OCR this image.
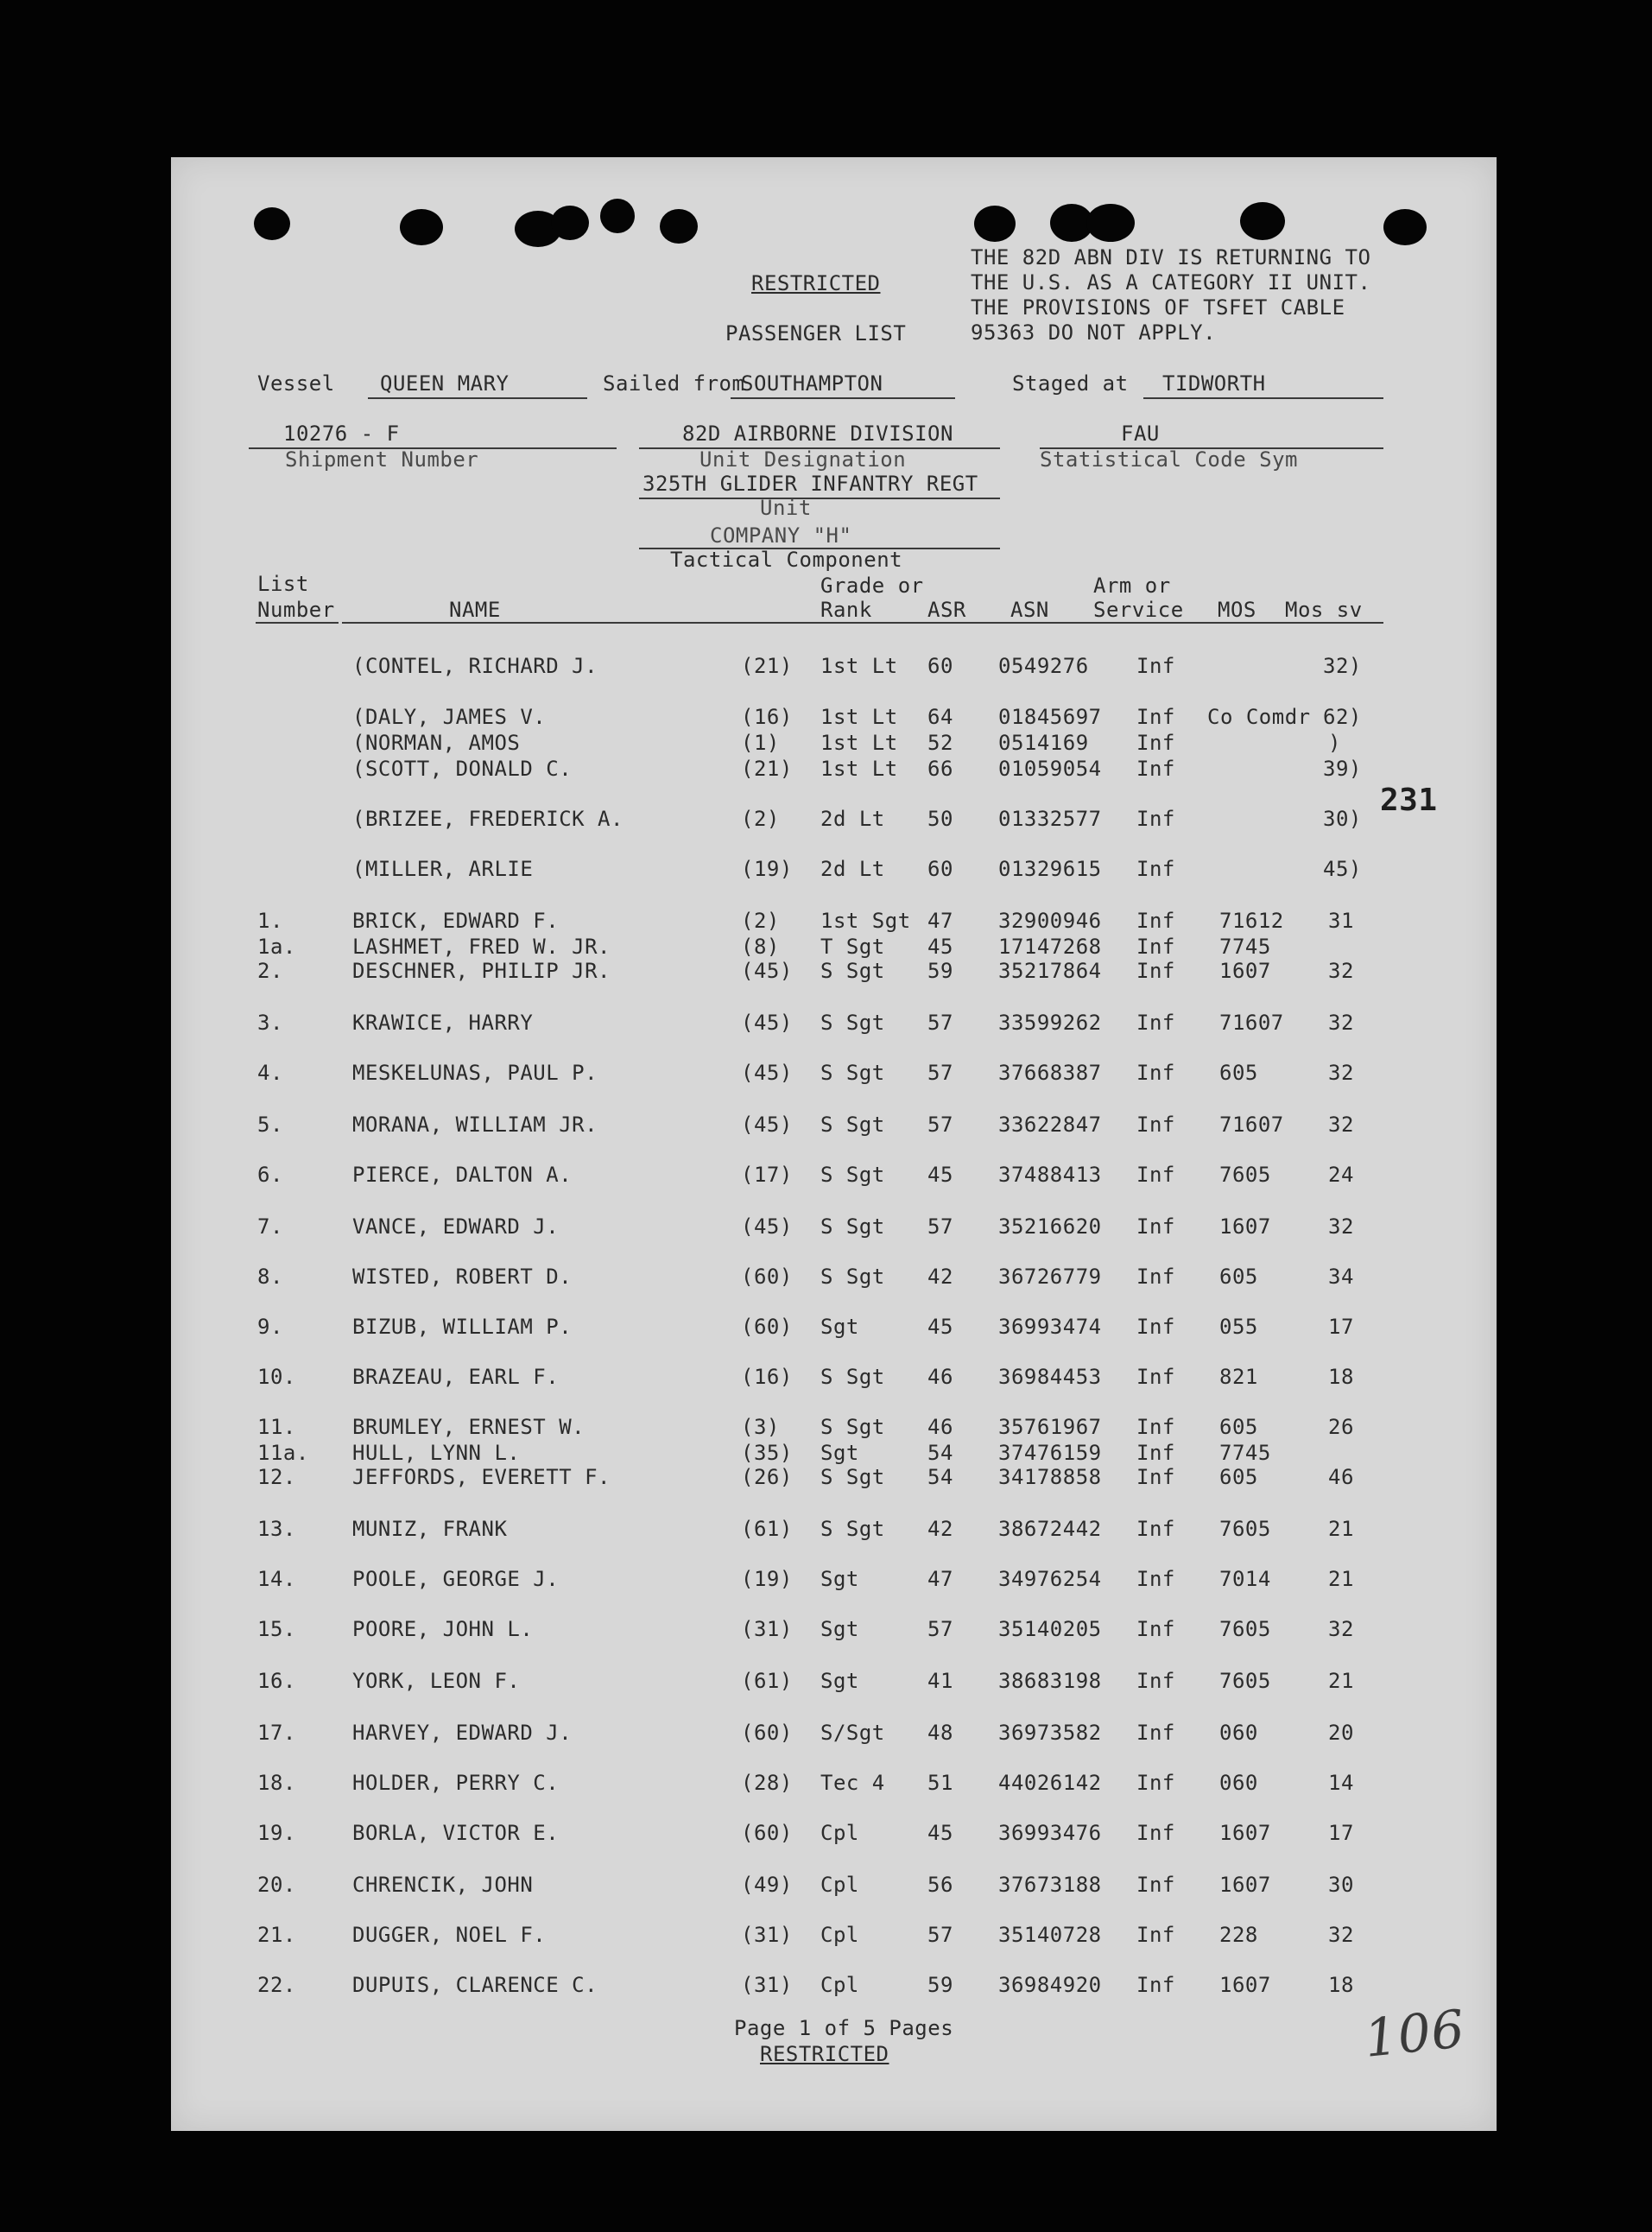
RESTRICTED
PASSENGER LIST
THE 82D ABN DIV IS RETURNING TO
THE U.S. AS A CATEGORY II UNIT.
THE PROVISIONS OF TSFET CABLE
95363 DO NOT APPLY.
Vessel QUEEN MARY	Sailed from
SOUTHAMPTON	Staged at TIDWORTH
10276 - F
Shipment Number
82D AIRBORNE DIVISION
Unit Designation
325TH GLIDER INFANTRY REGT
Unit
COMPANY "H"
Tactical Component
FAU
Statistical Code Sym
List
Number	NAME
Grade or
Rank	ASR ASN
Arm or
Service MOS Mos sv
(CONTEL, RICHARD J.	(21) 1st Lt 60 0549276 Inf	32)
(DALY, JAMES V.	(16) 1st Lt 64 01845697 Inf Co Comdr 62)
(NORMAN, AMOS	(1) 1st Lt 52 0514169 Inf	)
(SCOTT, DONALD C.	(21) 1st Lt 66 01059054 Inf	39)
(BRIZEE, FREDERICK A.	(2) 2d Lt 50 01332577 Inf	30)
(MILLER, ARLIE	(19) 2d Lt 60 01329615 Inf	45)
1.	BRICK, EDWARD F.	(2) 1st Sgt 47 32900946 Inf 71612 31
1a.	LASHMET, FRED W. JR.	(8) T Sgt 45 17147268 Inf 7745
2.	DESCHNER, PHILIP JR.	(45) S Sgt 59 35217864 Inf 1607	32
3.	KRAWICE, HARRY	(45) S Sgt 57 33599262 Inf 71607 32
4.	MESKELUNAS, PAUL P.	(45) S Sgt 57 37668387 Inf 605	32
5.	MORANA, WILLIAM JR.	(45) S Sgt 57 33622847 Inf 71607 32
6.	PIERCE, DALTON A.	(17) S Sgt 45 37488413 Inf 7605	24
7.	VANCE, EDWARD J.	(45) S Sgt 57 35216620 Inf 1607	32
8.	WISTED, ROBERT D.	(60) S Sgt 42 36726779 Inf 605	34
9.	BIZUB, WILLIAM P.	(60) Sgt	45 36993474 Inf 055	17
10.	BRAZEAU, EARL F.	(16) S Sgt 46 36984453 Inf 821	18
11.	BRUMLEY, ERNEST W.	(3) S Sgt 46 35761967 Inf 605	26
11a. HULL, LYNN L.	(35) Sgt	54 37476159 Inf 7745
12.	JEFFORDS, EVERETT F.	(26) S Sgt 54 34178858 Inf 605	46
13.	MUNIZ, FRANK	(61) S Sgt 42 38672442 Inf 7605	21
14.	POOLE, GEORGE J.	(19) Sgt	47 34976254 Inf 7014	21
15.	POORE, JOHN L.	(31) Sgt	57 35140205 Inf 7605	32
16.	YORK, LEON F.	(61) Sgt	41 38683198 Inf 7605	21
17.	HARVEY, EDWARD J.	(60) S/Sgt 48 36973582 Inf 060	20
18.	HOLDER, PERRY C.	(28) Tec 4 51 44026142 Inf 060	14
19.	BORLA, VICTOR E.	(60) Cpl	45 36993476 Inf 1607	17
20.	CHRENCIK, JOHN	(49) Cpl	56 37673188 Inf 1607	30
21.	DUGGER, NOEL F.	(31) Cpl	57 35140728 Inf 228	32
22.	DUPUIS, CLARENCE C.	(31) Cpl	59 36984920 Inf 1607	18
231
Page 1 of 5 Pages
RESTRICTED	106
